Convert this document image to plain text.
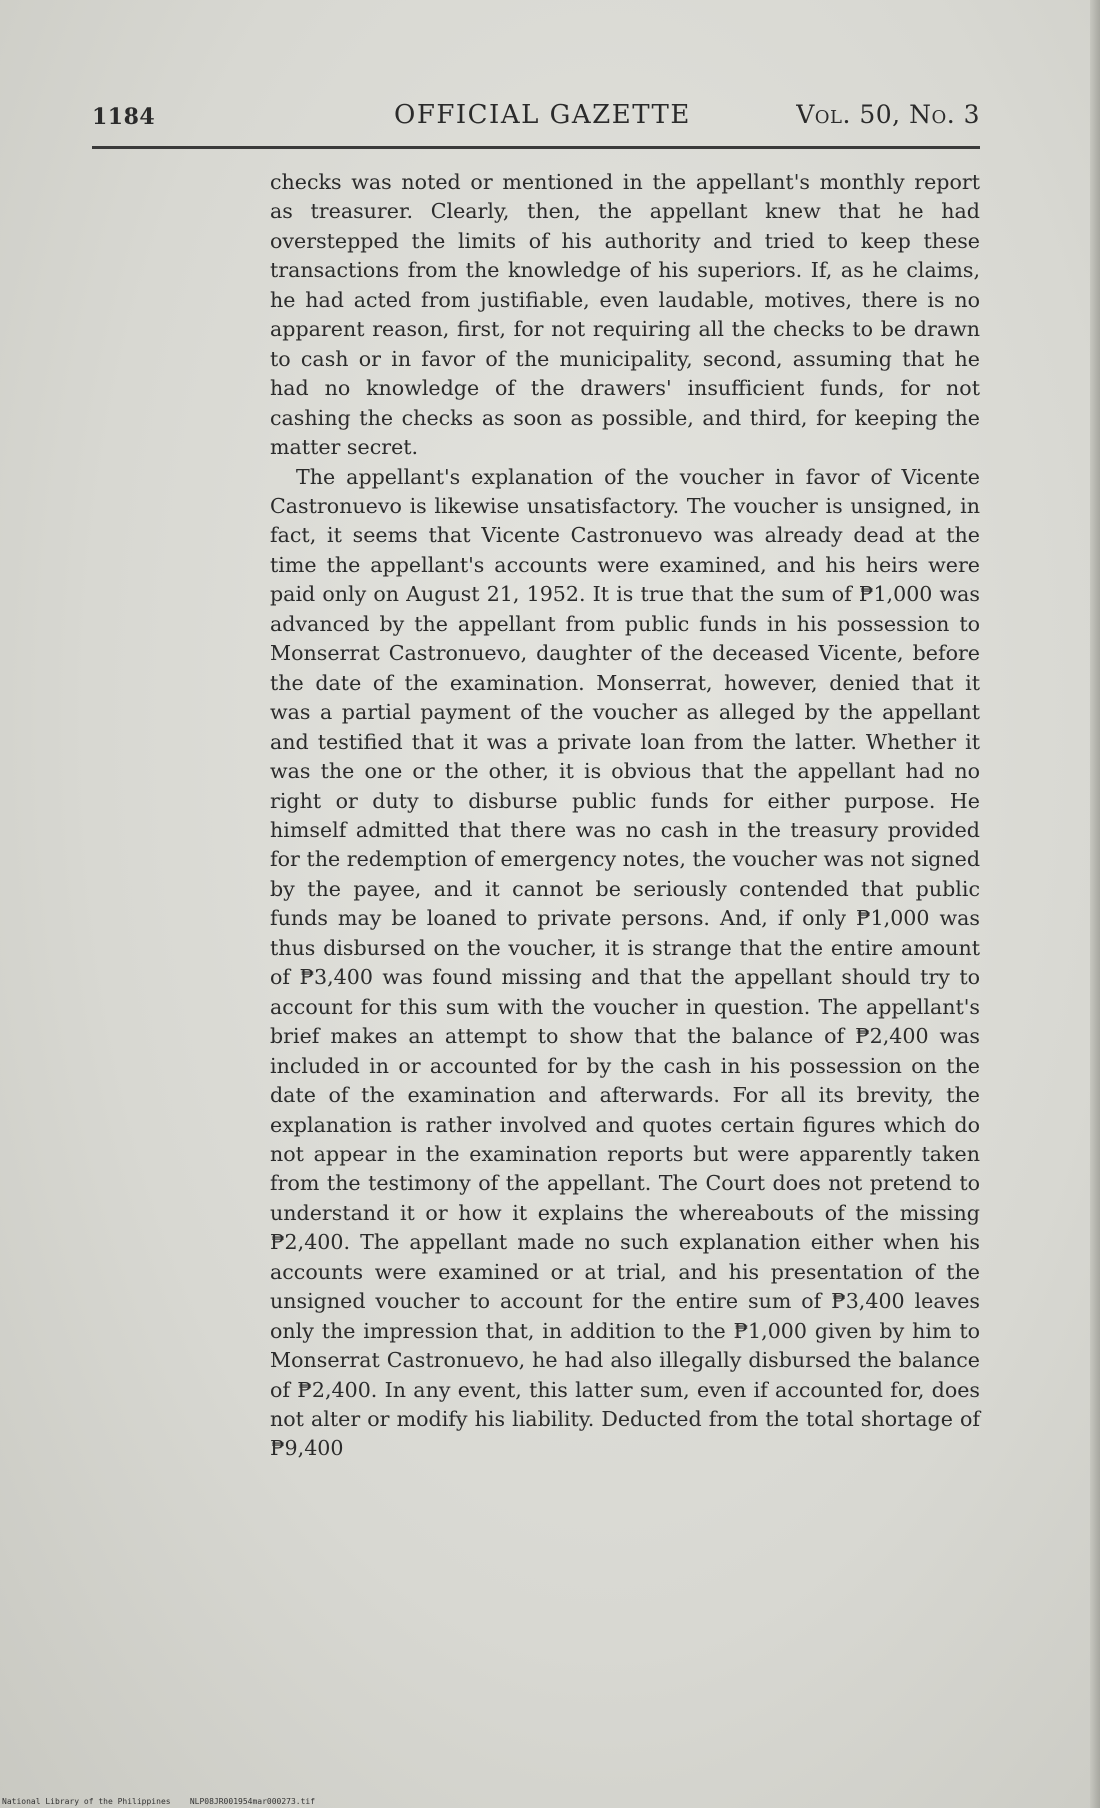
1184	OFFICIAL GAZETTE	Vol. 50, No. 3

checks was noted or mentioned in the appellant's monthly report as treasurer. Clearly, then, the appellant knew that he had overstepped the limits of his authority and tried to keep these transactions from the knowledge of his superiors. If, as he claims, he had acted from justifiable, even laudable, motives, there is no apparent reason, first, for not requiring all the checks to be drawn to cash or in favor of the municipality, second, assuming that he had no knowledge of the drawers' insufficient funds, for not cashing the checks as soon as possible, and third, for keeping the matter secret.

The appellant's explanation of the voucher in favor of Vicente Castronuevo is likewise unsatisfactory. The voucher is unsigned, in fact, it seems that Vicente Castronuevo was already dead at the time the appellant's accounts were examined, and his heirs were paid only on August 21, 1952. It is true that the sum of ₱1,000 was advanced by the appellant from public funds in his possession to Monserrat Castronuevo, daughter of the deceased Vicente, before the date of the examination. Monserrat, however, denied that it was a partial payment of the voucher as alleged by the appellant and testified that it was a private loan from the latter. Whether it was the one or the other, it is obvious that the appellant had no right or duty to disburse public funds for either purpose. He himself admitted that there was no cash in the treasury provided for the redemption of emergency notes, the voucher was not signed by the payee, and it cannot be seriously contended that public funds may be loaned to private persons. And, if only ₱1,000 was thus disbursed on the voucher, it is strange that the entire amount of ₱3,400 was found missing and that the appellant should try to account for this sum with the voucher in question. The appellant's brief makes an attempt to show that the balance of ₱2,400 was included in or accounted for by the cash in his possession on the date of the examination and afterwards. For all its brevity, the explanation is rather involved and quotes certain figures which do not appear in the examination reports but were apparently taken from the testimony of the appellant. The Court does not pretend to understand it or how it explains the whereabouts of the missing ₱2,400. The appellant made no such explanation either when his accounts were examined or at trial, and his presentation of the unsigned voucher to account for the entire sum of ₱3,400 leaves only the impression that, in addition to the ₱1,000 given by him to Monserrat Castronuevo, he had also illegally disbursed the balance of ₱2,400. In any event, this latter sum, even if accounted for, does not alter or modify his liability. Deducted from the total shortage of ₱9,400

National Library of the Philippines    NLP08JR001954mar000273.tif
